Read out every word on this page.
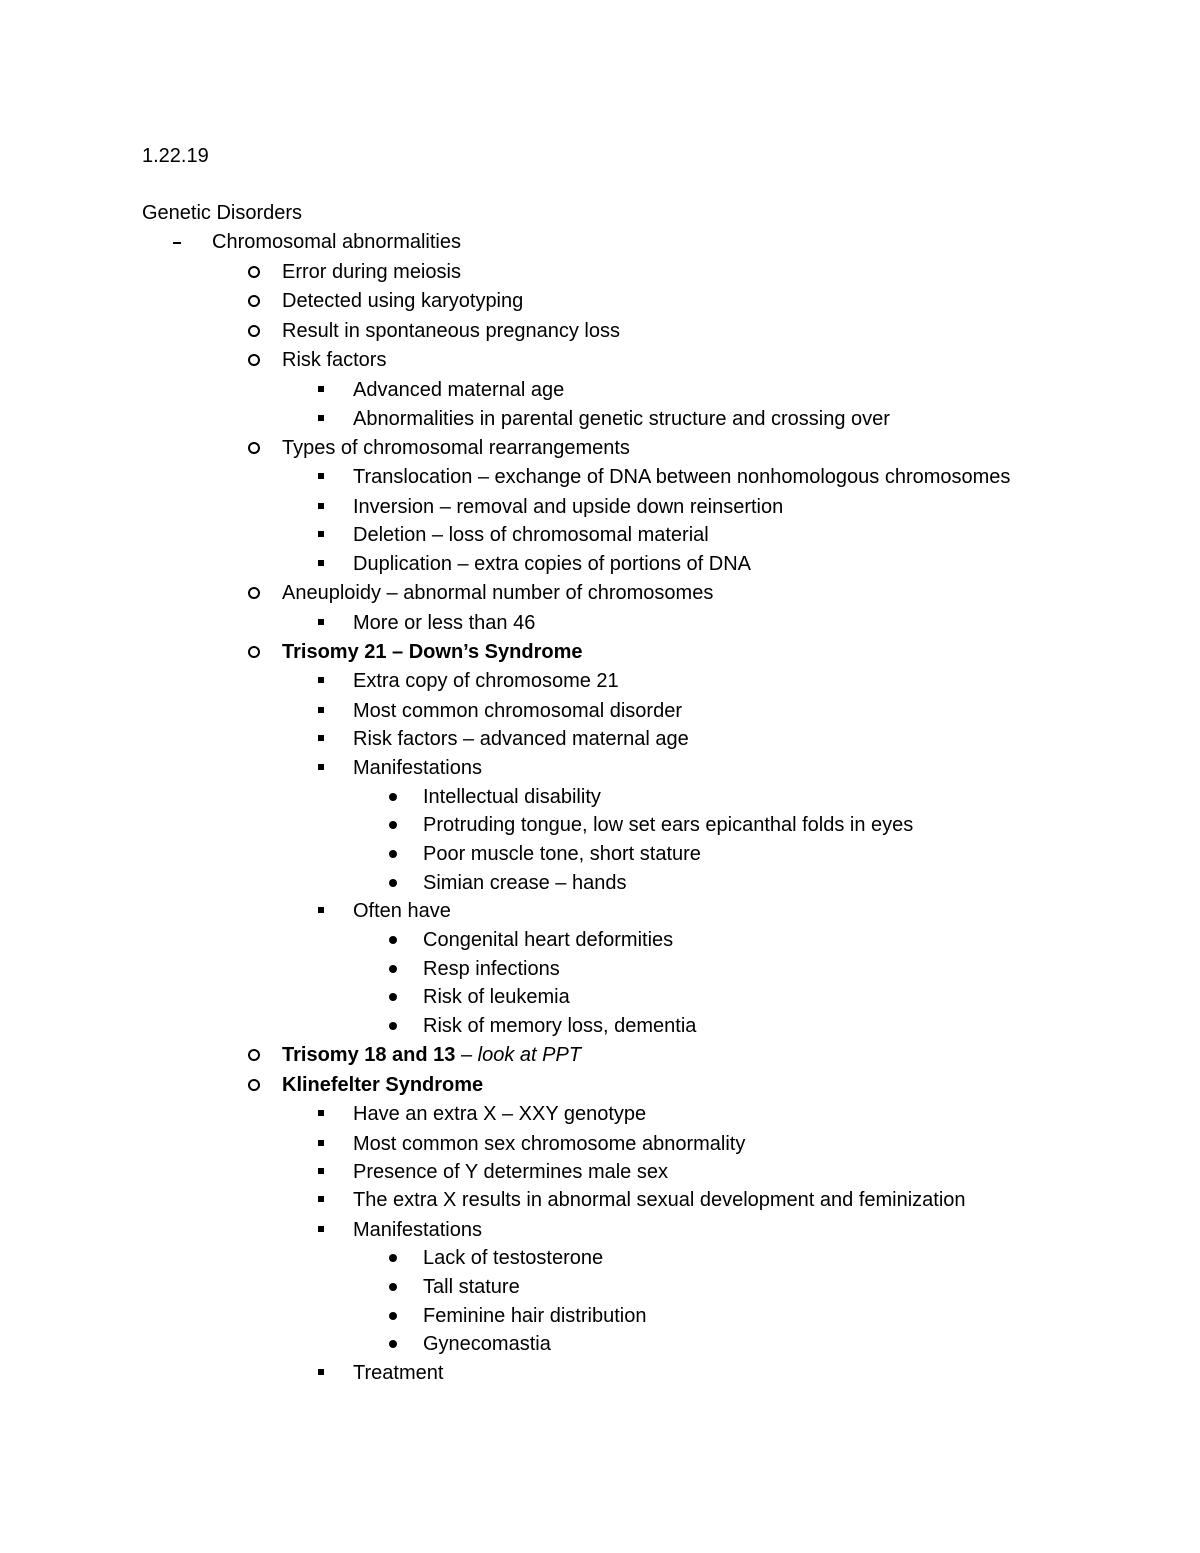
1.22.19
Genetic Disorders
Chromosomal abnormalities
Error during meiosis
Detected using karyotyping
Result in spontaneous pregnancy loss
Risk factors
Advanced maternal age
Abnormalities in parental genetic structure and crossing over
Types of chromosomal rearrangements
Translocation – exchange of DNA between nonhomologous chromosomes
Inversion – removal and upside down reinsertion
Deletion – loss of chromosomal material
Duplication – extra copies of portions of DNA
Aneuploidy – abnormal number of chromosomes
More or less than 46
Trisomy 21 – Down’s Syndrome
Extra copy of chromosome 21
Most common chromosomal disorder
Risk factors – advanced maternal age
Manifestations
Intellectual disability
Protruding tongue, low set ears epicanthal folds in eyes
Poor muscle tone, short stature
Simian crease – hands
Often have
Congenital heart deformities
Resp infections
Risk of leukemia
Risk of memory loss, dementia
Trisomy 18 and 13 – look at PPT
Klinefelter Syndrome
Have an extra X – XXY genotype
Most common sex chromosome abnormality
Presence of Y determines male sex
The extra X results in abnormal sexual development and feminization
Manifestations
Lack of testosterone
Tall stature
Feminine hair distribution
Gynecomastia
Treatment
